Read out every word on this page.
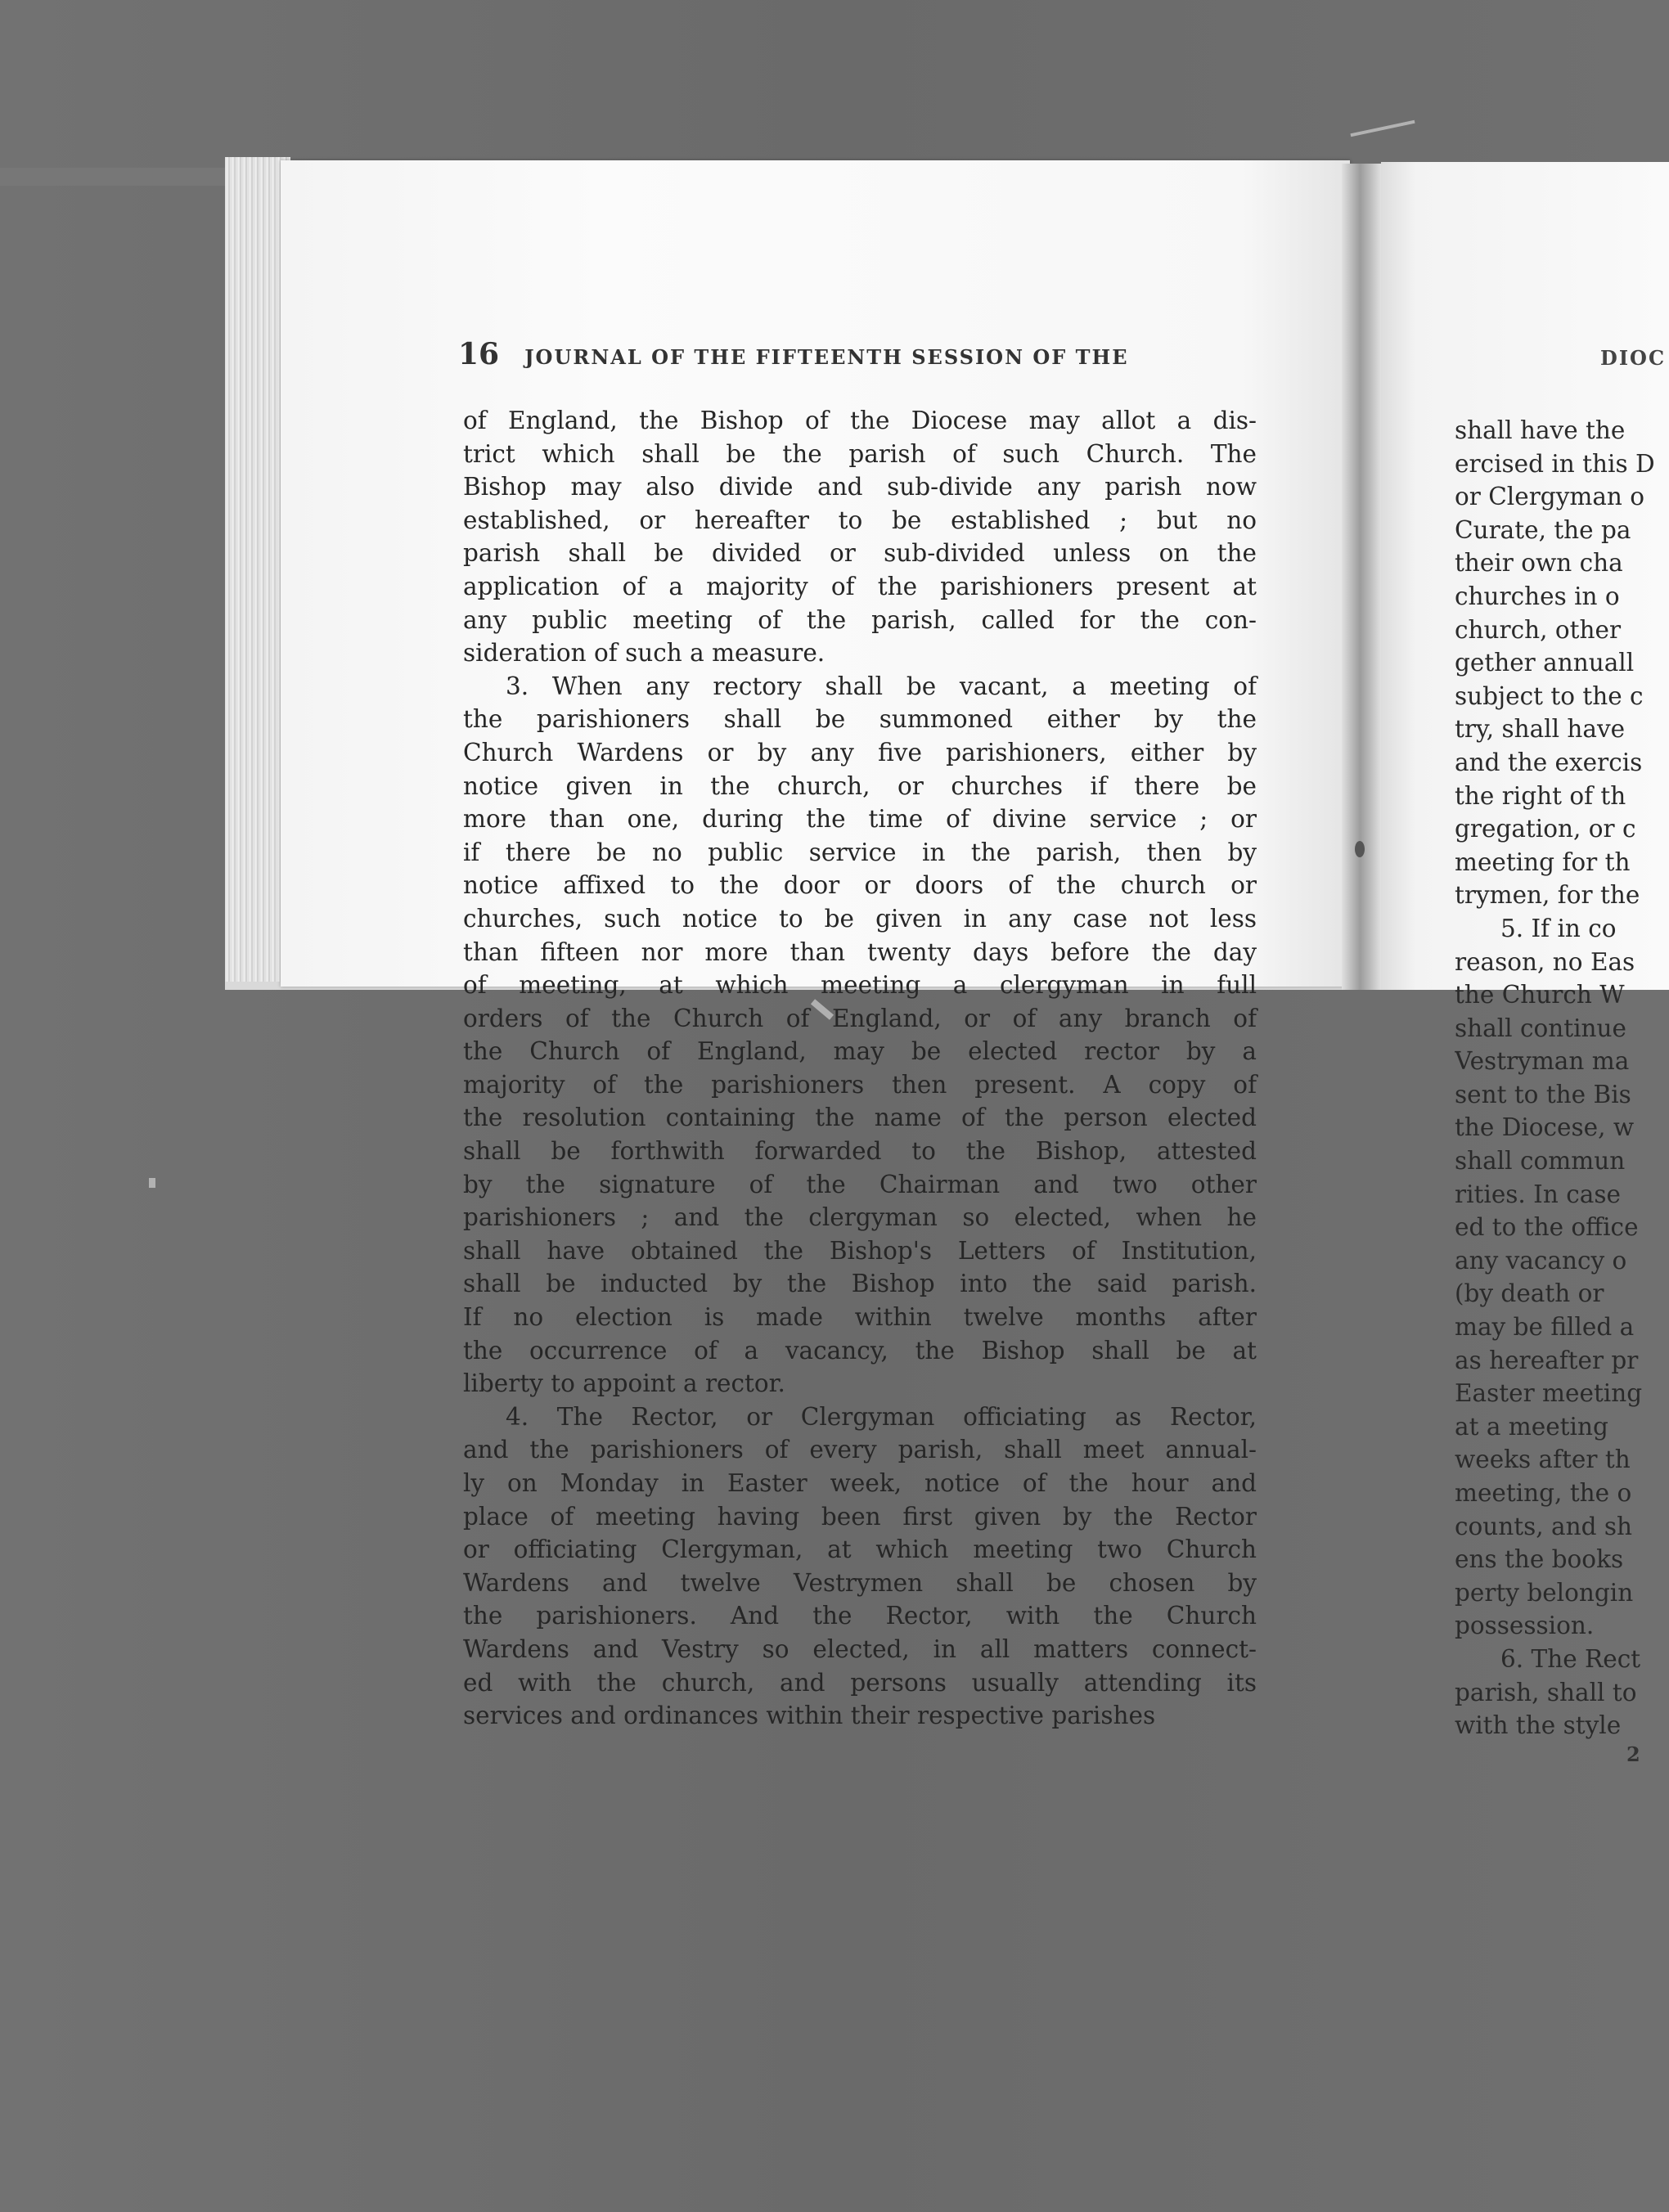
16 JOURNAL OF THE FIFTEENTH SESSION OF THE
of England, the Bishop of the Diocese may allot a dis-
trict which shall be the parish of such Church. The
Bishop may also divide and sub-divide any parish now
established, or hereafter to be established ; but no
parish shall be divided or sub-divided unless on the
application of a majority of the parishioners present at
any public meeting of the parish, called for the con-
sideration of such a measure.
3. When any rectory shall be vacant, a meeting of
the parishioners shall be summoned either by the
Church Wardens or by any five parishioners, either by
notice given in the church, or churches if there be
more than one, during the time of divine service ; or
if there be no public service in the parish, then by
notice affixed to the door or doors of the church or
churches, such notice to be given in any case not less
than fifteen nor more than twenty days before the day
of meeting, at which meeting a clergyman in full
orders of the Church of England, or of any branch of
the Church of England, may be elected rector by a
majority of the parishioners then present. A copy of
the resolution containing the name of the person elected
shall be forthwith forwarded to the Bishop, attested
by the signature of the Chairman and two other
parishioners ; and the clergyman so elected, when he
shall have obtained the Bishop's Letters of Institution,
shall be inducted by the Bishop into the said parish.
If no election is made within twelve months after
the occurrence of a vacancy, the Bishop shall be at
liberty to appoint a rector.
4. The Rector, or Clergyman officiating as Rector,
and the parishioners of every parish, shall meet annual-
ly on Monday in Easter week, notice of the hour and
place of meeting having been first given by the Rector
or officiating Clergyman, at which meeting two Church
Wardens and twelve Vestrymen shall be chosen by
the parishioners. And the Rector, with the Church
Wardens and Vestry so elected, in all matters connect-
ed with the church, and persons usually attending its
services and ordinances within their respective parishes
DIOC
shall have the
ercised in this D
or Clergyman o
Curate, the pa
their own cha
churches in o
church, other
gether annuall
subject to the c
try, shall have
and the exercis
the right of th
gregation, or c
meeting for th
trymen, for the
5. If in co
reason, no Eas
the Church W
shall continue
Vestryman ma
sent to the Bis
the Diocese, w
shall commun
rities. In case
ed to the office
any vacancy o
(by death or
may be filled a
as hereafter pr
Easter meeting
at a meeting
weeks after th
meeting, the o
counts, and sh
ens the books
perty belongin
possession.
6. The Rect
parish, shall to
with the style
2
